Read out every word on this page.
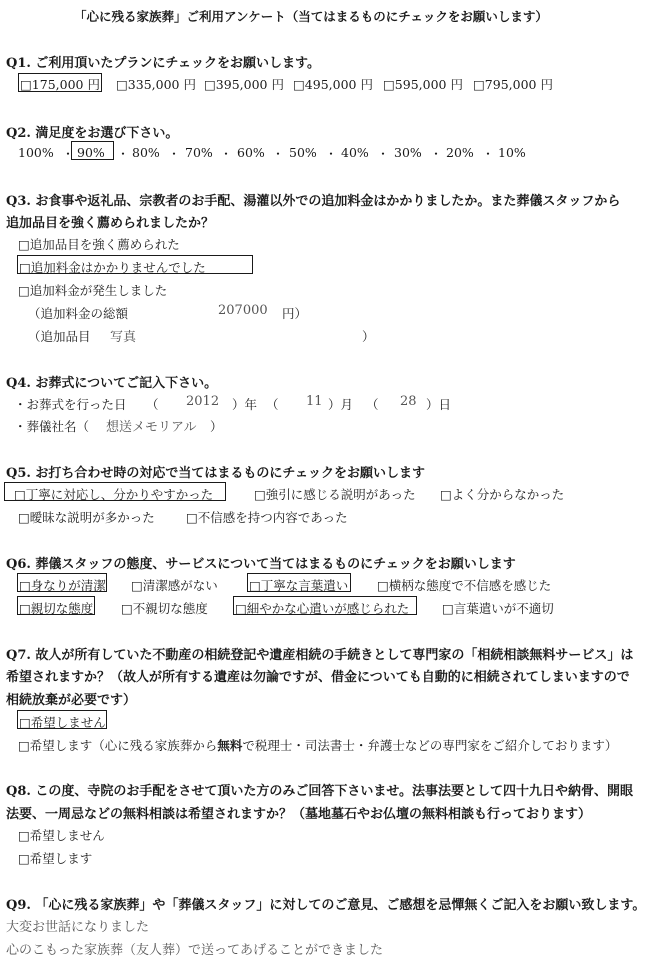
「心に残る家族葬」ご利用アンケート（当てはまるものにチェックをお願いします）
Q1. ご利用頂いたプランにチェックをお願いします。
□175,000 円 □335,000 円 □395,000 円 □495,000 円 □595,000 円 □795,000 円
Q2. 満足度をお選び下さい。
100% ・ 90% ・ 80% ・ 70% ・ 60% ・ 50% ・ 40% ・ 30% ・ 20% ・ 10%
Q3. お食事や返礼品、宗教者のお手配、湯灌以外での追加料金はかかりましたか。また葬儀スタッフから
追加品目を強く薦められましたか？
□追加品目を強く薦められた
□追加料金はかかりませんでした
□追加料金が発生しました
（追加料金の総額	207000 円）
（追加品目 写真	）
Q4. お葬式についてご記入下さい。
・お葬式を行った日 （ 2012 ）年 （ 11 ）月 （ 28 ）日
・葬儀社名（ 想送メモリアル ）
Q5. お打ち合わせ時の対応で当てはまるものにチェックをお願いします
□丁寧に対応し、分かりやすかった	□強引に感じる説明があった □よく分からなかった
□曖昧な説明が多かった □不信感を持つ内容であった
Q6. 葬儀スタッフの態度、サービスについて当てはまるものにチェックをお願いします
□身なりが清潔 □清潔感がない □丁寧な言葉遣い □横柄な態度で不信感を感じた
□親切な態度 □不親切な態度 □細やかな心遣いが感じられた	□言葉遣いが不適切
Q7. 故人が所有していた不動産の相続登記や遺産相続の手続きとして専門家の「相続相談無料サービス」は
希望されますか？（故人が所有する遺産は勿論ですが、借金についても自動的に相続されてしまいますので
相続放棄が必要です）
□希望しません
□希望します（心に残る家族葬から無料で税理士・司法書士・弁護士などの専門家をご紹介しております）
Q8. この度、寺院のお手配をさせて頂いた方のみご回答下さいませ。法事法要として四十九日や納骨、開眼
法要、一周忌などの無料相談は希望されますか？（墓地墓石やお仏壇の無料相談も行っております）
□希望しません
□希望します
Q9. 「心に残る家族葬」や「葬儀スタッフ」に対してのご意見、ご感想を忌憚無くご記入をお願い致します。
大変お世話になりました
心のこもった家族葬（友人葬）で送ってあげることができました
